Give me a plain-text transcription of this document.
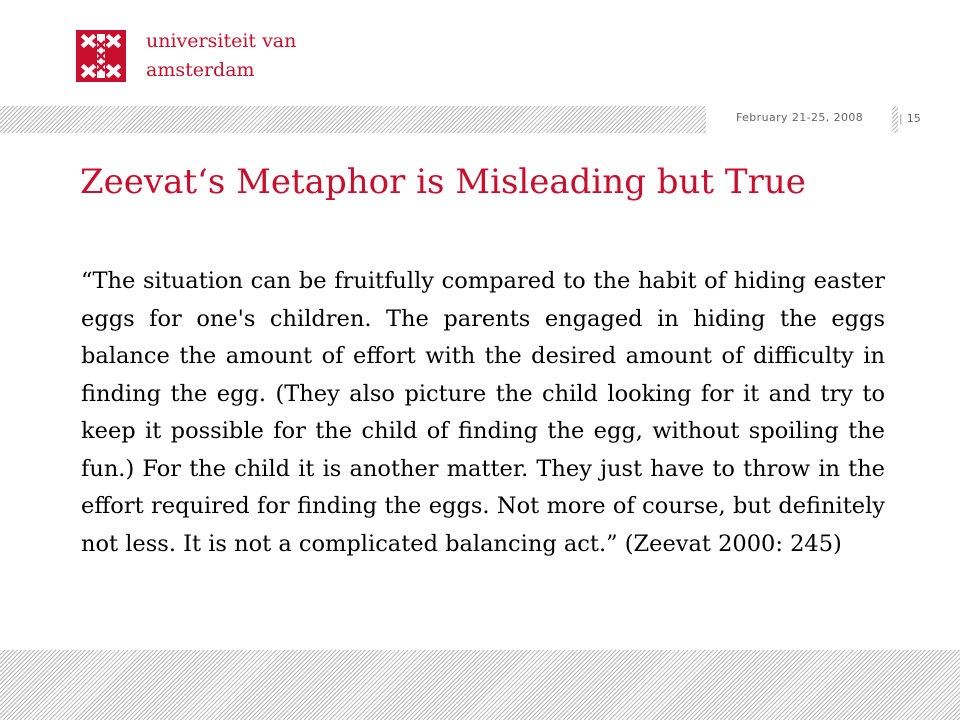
universiteit van
amsterdam
February 21-25, 2008	| 15
Zeevat‘s Metaphor is Misleading but True

“The situation can be fruitfully compared to the habit of hiding easter eggs for one's children. The parents engaged in hiding the eggs balance the amount of effort with the desired amount of difficulty in finding the egg. (They also picture the child looking for it and try to keep it possible for the child of finding the egg, without spoiling the fun.) For the child it is another matter. They just have to throw in the effort required for finding the eggs. Not more of course, but definitely not less. It is not a complicated balancing act.” (Zeevat 2000: 245)
